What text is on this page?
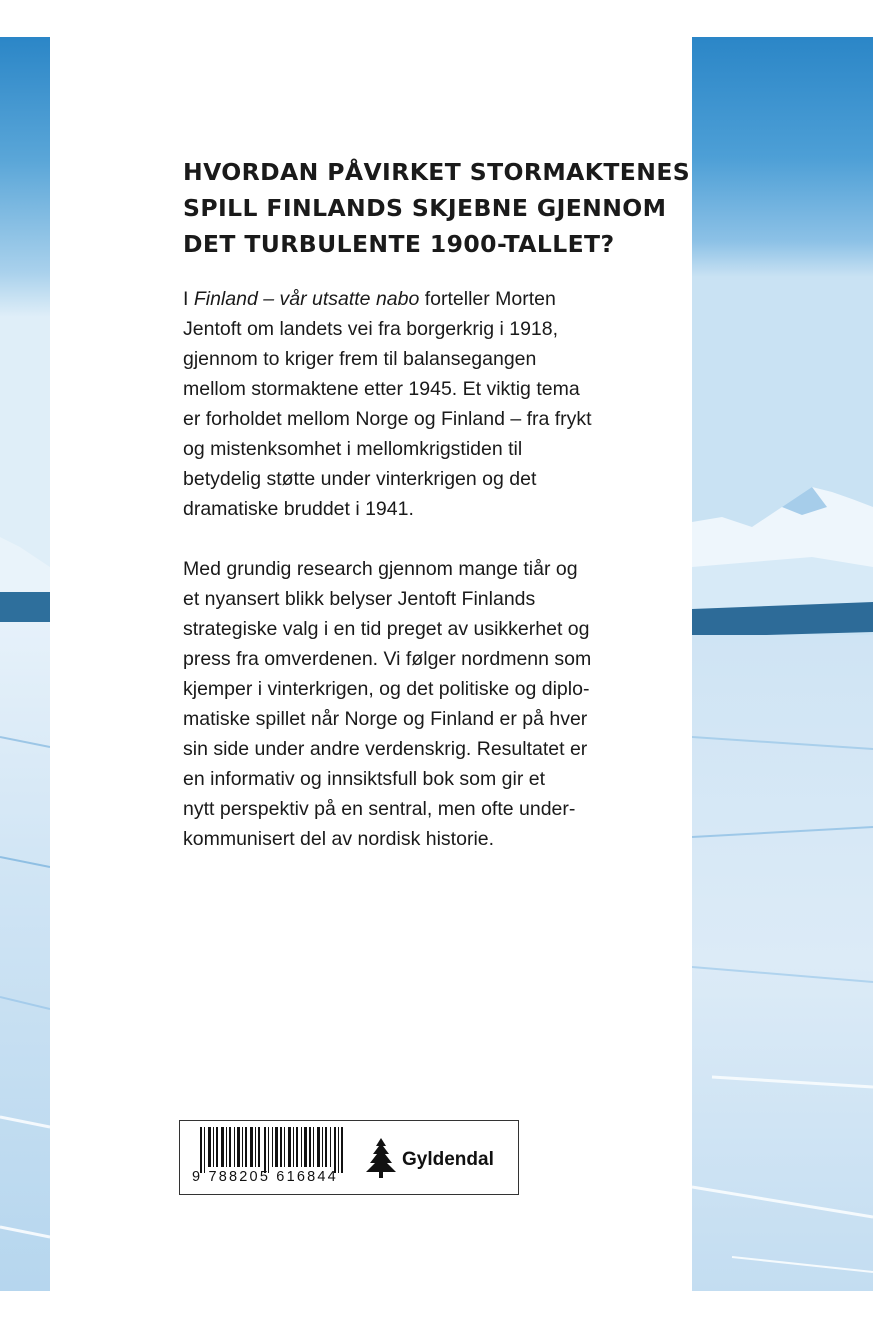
HVORDAN PÅVIRKET STORMAKTENES
SPILL FINLANDS SKJEBNE GJENNOM
DET TURBULENTE 1900-TALLET?
I Finland – vår utsatte nabo forteller Morten
Jentoft om landets vei fra borgerkrig i 1918,
gjennom to kriger frem til balansegangen
mellom stormaktene etter 1945. Et viktig tema
er forholdet mellom Norge og Finland – fra frykt
og mistenksomhet i mellomkrigstiden til
betydelig støtte under vinterkrigen og det
dramatiske bruddet i 1941.
Med grundig research gjennom mange tiår og
et nyansert blikk belyser Jentoft Finlands
strategiske valg i en tid preget av usikkerhet og
press fra omverdenen. Vi følger nordmenn som
kjemper i vinterkrigen, og det politiske og diplo-
matiske spillet når Norge og Finland er på hver
sin side under andre verdenskrig. Resultatet er
en informativ og innsiktsfull bok som gir et
nytt perspektiv på en sentral, men ofte under-
kommunisert del av nordisk historie.
9 788205 616844
Gyldendal
